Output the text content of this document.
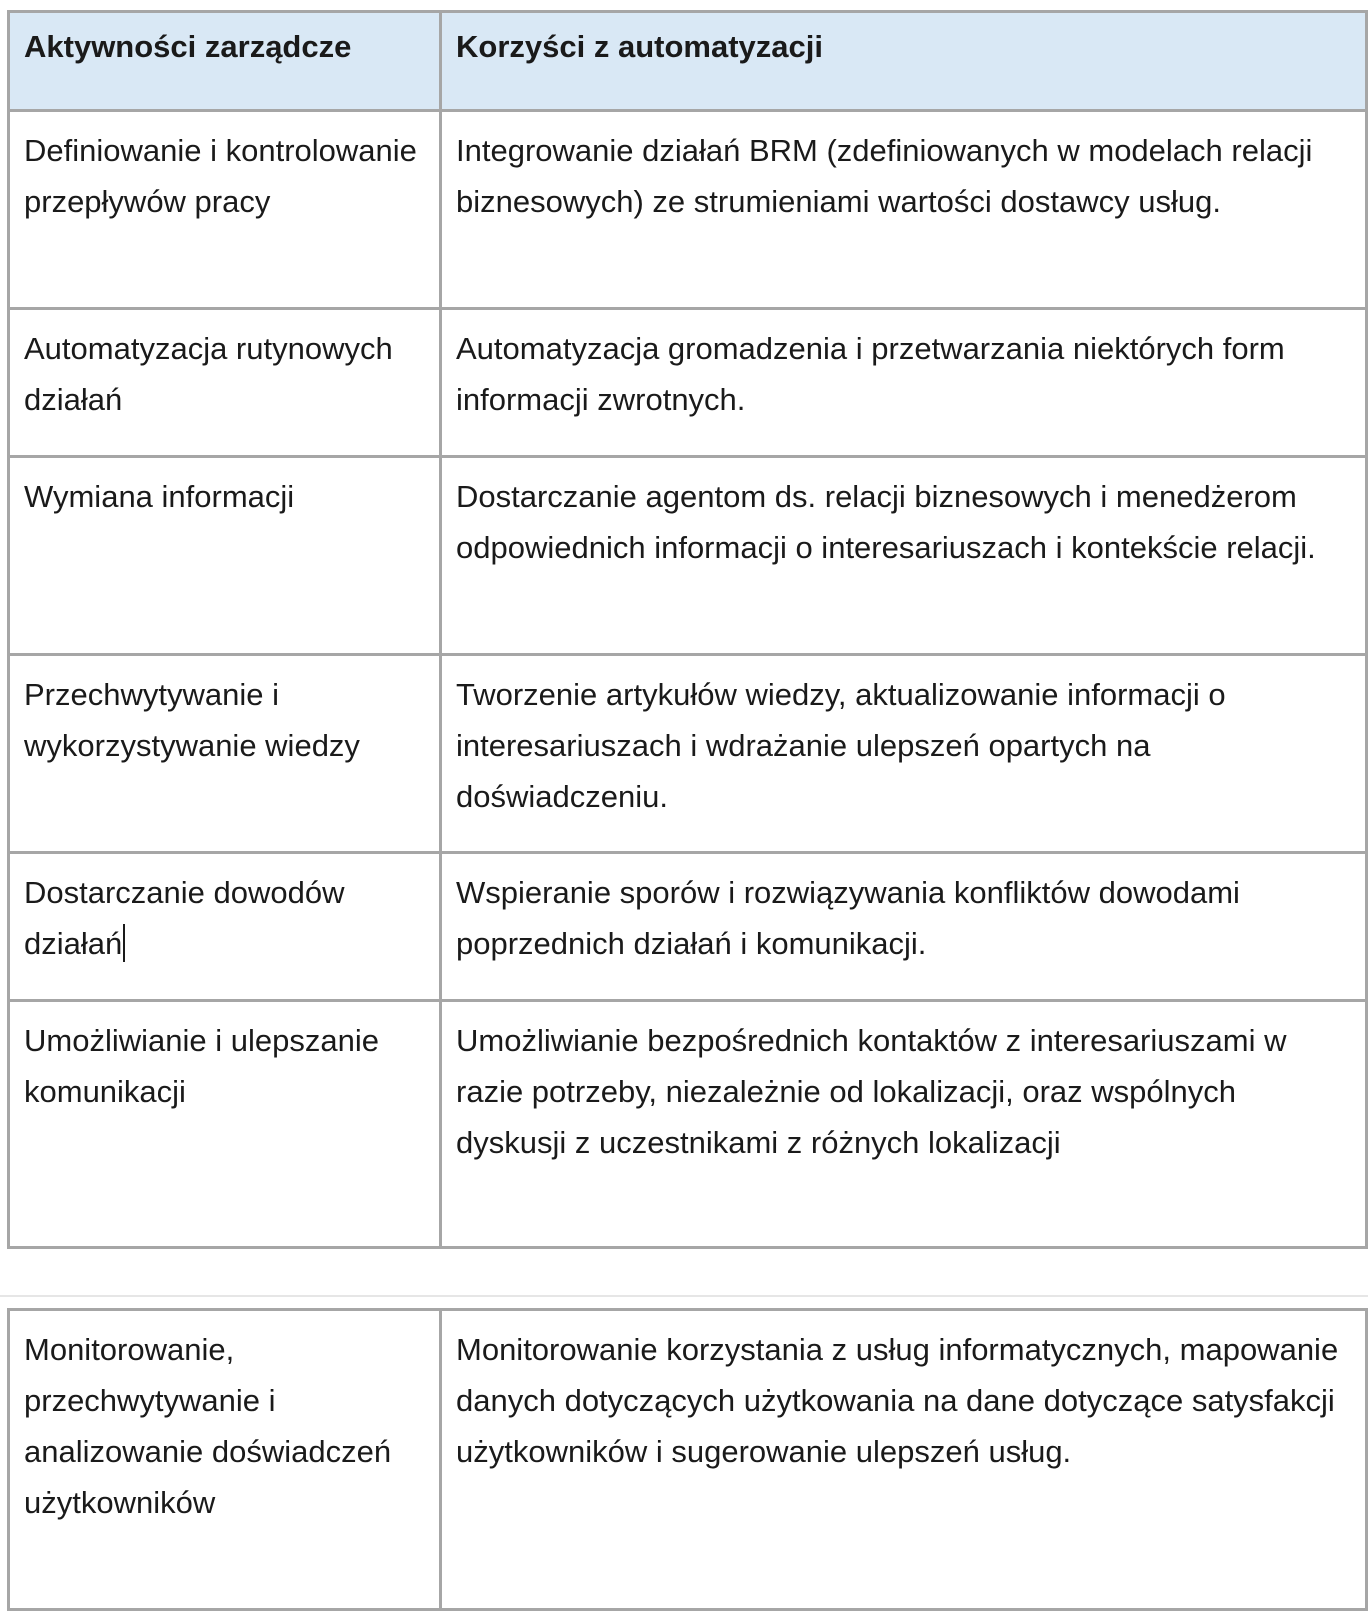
Aktywności zarządcze	Korzyści z automatyzacji
Definiowanie i kontrolowanie przepływów pracy	Integrowanie działań BRM (zdefiniowanych w modelach relacji biznesowych) ze strumieniami wartości dostawcy usług.
Automatyzacja rutynowych działań	Automatyzacja gromadzenia i przetwarzania niektórych form informacji zwrotnych.
Wymiana informacji	Dostarczanie agentom ds. relacji biznesowych i menedżerom odpowiednich informacji o interesariuszach i kontekście relacji.
Przechwytywanie i wykorzystywanie wiedzy	Tworzenie artykułów wiedzy, aktualizowanie informacji o interesariuszach i wdrażanie ulepszeń opartych na doświadczeniu.
Dostarczanie dowodów działań	Wspieranie sporów i rozwiązywania konfliktów dowodami poprzednich działań i komunikacji.
Umożliwianie i ulepszanie komunikacji	Umożliwianie bezpośrednich kontaktów z interesariuszami w razie potrzeby, niezależnie od lokalizacji, oraz wspólnych dyskusji z uczestnikami z różnych lokalizacji
Monitorowanie, przechwytywanie i analizowanie doświadczeń użytkowników	Monitorowanie korzystania z usług informatycznych, mapowanie danych dotyczących użytkowania na dane dotyczące satysfakcji użytkowników i sugerowanie ulepszeń usług.
